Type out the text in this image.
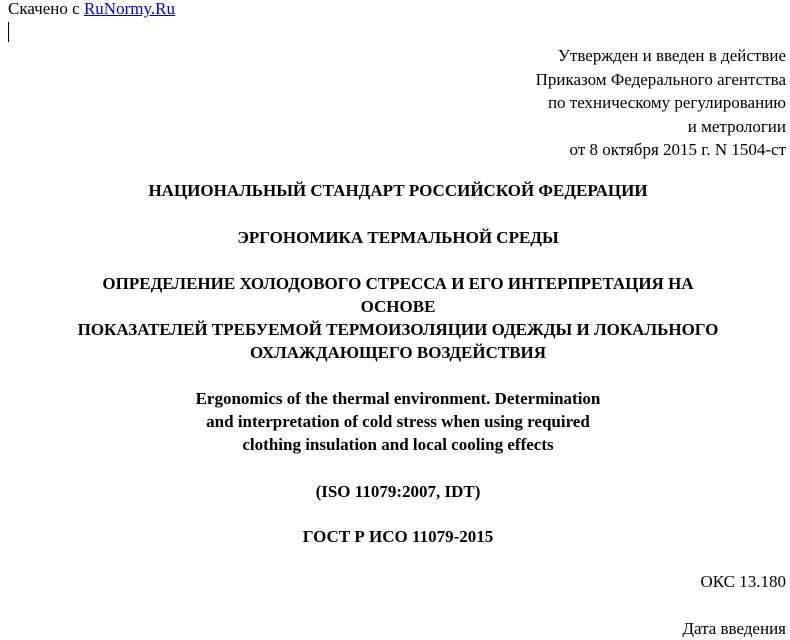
Скачено с RuNormy.Ru
Утвержден и введен в действие
Приказом Федерального агентства
по техническому регулированию
и метрологии
от 8 октября 2015 г. N 1504-ст
НАЦИОНАЛЬНЫЙ СТАНДАРТ РОССИЙСКОЙ ФЕДЕРАЦИИ
ЭРГОНОМИКА ТЕРМАЛЬНОЙ СРЕДЫ
ОПРЕДЕЛЕНИЕ ХОЛОДОВОГО СТРЕССА И ЕГО ИНТЕРПРЕТАЦИЯ НА
ОСНОВЕ
ПОКАЗАТЕЛЕЙ ТРЕБУЕМОЙ ТЕРМОИЗОЛЯЦИИ ОДЕЖДЫ И ЛОКАЛЬНОГО
ОХЛАЖДАЮЩЕГО ВОЗДЕЙСТВИЯ
Ergonomics of the thermal environment. Determination
and interpretation of cold stress when using required
clothing insulation and local cooling effects
(ISO 11079:2007, IDT)
ГОСТ Р ИСО 11079-2015
ОКС 13.180
Дата введения
